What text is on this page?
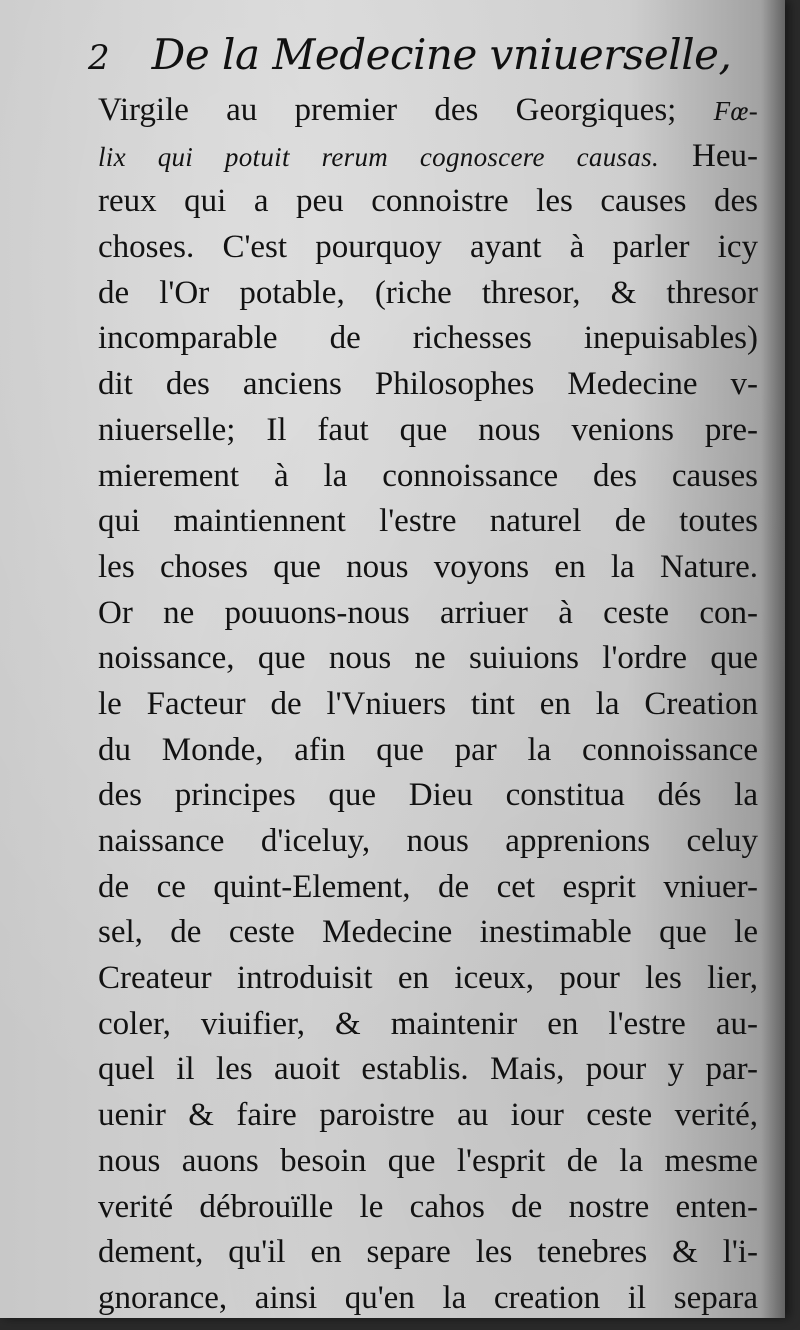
2 De la Medecine vniuerselle,
Virgile au premier des Georgiques; Fœ-
lix qui potuit rerum cognoscere causas. Heu-
reux qui a peu connoistre les causes des
choses. C'est pourquoy ayant à parler icy
de l'Or potable, (riche thresor, & thresor
incomparable de richesses inepuisables)
dit des anciens Philosophes Medecine v-
niuerselle; Il faut que nous venions pre-
mierement à la connoissance des causes
qui maintiennent l'estre naturel de toutes
les choses que nous voyons en la Nature.
Or ne pouuons-nous arriuer à ceste con-
noissance, que nous ne suiuions l'ordre que
le Facteur de l'Vniuers tint en la Creation
du Monde, afin que par la connoissance
des principes que Dieu constitua dés la
naissance d'iceluy, nous apprenions celuy
de ce quint-Element, de cet esprit vniuer-
sel, de ceste Medecine inestimable que le
Createur introduisit en iceux, pour les lier,
coler, viuifier, & maintenir en l'estre au-
quel il les auoit establis. Mais, pour y par-
uenir & faire paroistre au iour ceste verité,
nous auons besoin que l'esprit de la mesme
verité débrouïlle le cahos de nostre enten-
dement, qu'il en separe les tenebres & l'i-
gnorance, ainsi qu'en la creation il separa
